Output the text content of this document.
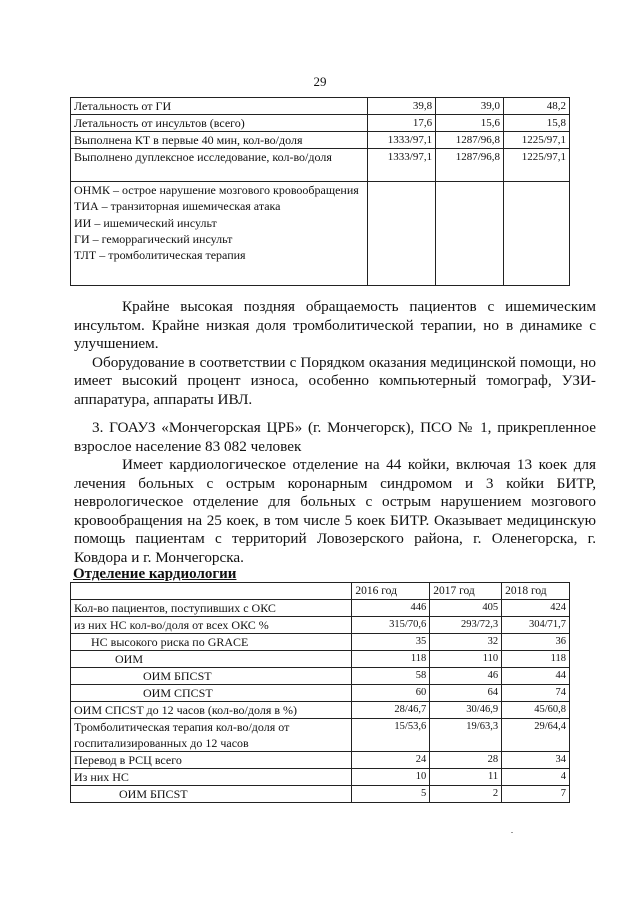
29
Летальность от ГИ	39,8	39,0	48,2
Летальность от инсультов (всего)	17,6	15,6	15,8
Выполнена КТ в первые 40 мин, кол-во/доля	1333/97,1	1287/96,8	1225/97,1
Выполнено дуплексное исследование, кол-во/доля	1333/97,1	1287/96,8	1225/97,1

ОНМК – острое нарушение мозгового кровообращения
ТИА – транзиторная ишемическая атака
ИИ – ишемический инсульт
ГИ – геморрагический инсульт
ТЛТ – тромболитическая терапия			

Крайне высокая поздняя обращаемость пациентов с ишемическим инсультом. Крайне низкая доля тромболитической терапии, но в динамике с улучшением.

Оборудование в соответствии с Порядком оказания медицинской помощи, но имеет высокий процент износа, особенно компьютерный томограф, УЗИ-аппаратура, аппараты ИВЛ.

3. ГОАУЗ «Мончегорская ЦРБ» (г. Мончегорск), ПСО № 1, прикрепленное взрослое население 83 082 человек

Имеет кардиологическое отделение на 44 койки, включая 13 коек для лечения больных с острым коронарным синдромом и 3 койки БИТР, неврологическое отделение для больных с острым нарушением мозгового кровообращения на 25 коек, в том числе 5 коек БИТР. Оказывает медицинскую помощь пациентам с территорий Ловозерского района, г. Оленегорска, г. Ковдора и г. Мончегорска.

Отделение кардиологии
	2016 год	2017 год	2018 год
Кол-во пациентов, поступивших с ОКС	446	405	424
из них НС кол-во/доля от всех ОКС %	315/70,6	293/72,3	304/71,7
НС высокого риска по GRACE	35	32	36
ОИМ	118	110	118
ОИМ БПСST	58	46	44
ОИМ СПСST	60	64	74
ОИМ СПСST до 12 часов (кол-во/доля в %)	28/46,7	30/46,9	45/60,8
Тромболитическая терапия кол-во/доля от госпитализированных до 12 часов	15/53,6	19/63,3	29/64,4
Перевод в РСЦ всего	24	28	34
Из них НС	10	11	4
ОИМ БПСST	5	2	7
